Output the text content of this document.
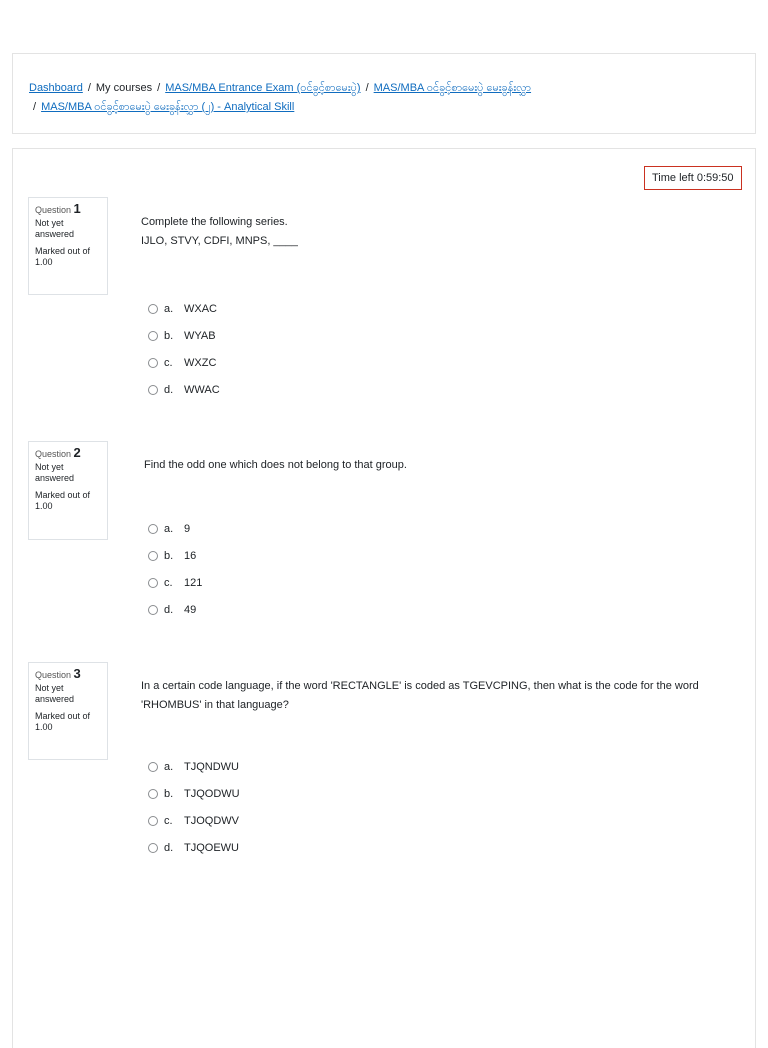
Dashboard / My courses / MAS/MBA Entrance Exam (ဝင်ခွင့်စာမေးပွဲ) / MAS/MBA ဝင်ခွင့်စာမေးပွဲ မေးခွန်းလွှာ
/ MAS/MBA ဝင်ခွင့်စာမေးပွဲ မေးခွန်းလွှာ (၂) - Analytical Skill
Time left 0:59:50
Question 1
Not yet answered
Marked out of 1.00
Complete the following series.
IJLO, STVY, CDFI, MNPS, ____
a. WXAC
b. WYAB
c.	WXZC
d. WWAC
Question 2
Not yet answered
Marked out of 1.00
Find the odd one which does not belong to that group.
a. 9
b. 16
c.	121
d. 49
Question 3
Not yet answered
Marked out of 1.00
In a certain code language, if the word 'RECTANGLE' is coded as TGEVCPING, then what is the code for the word
'RHOMBUS' in that language?
a. TJQNDWU
b. TJQODWU
c.	TJOQDWV
d. TJQOEWU
